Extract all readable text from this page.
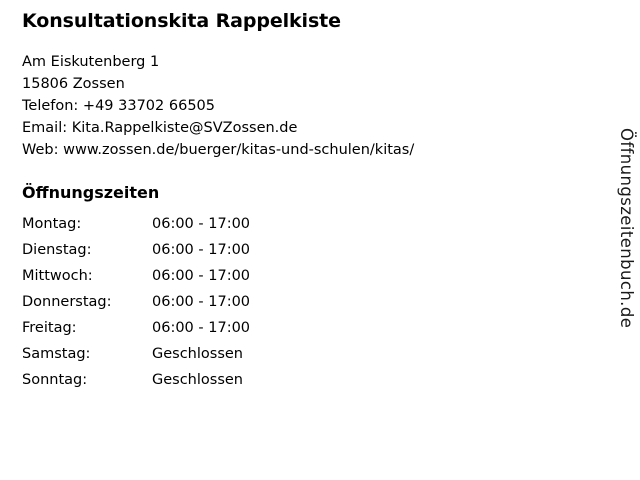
Konsultationskita Rappelkiste
Am Eiskutenberg 1
15806 Zossen
Telefon: +49 33702 66505
Email: Kita.Rappelkiste@SVZossen.de
Web: www.zossen.de/buerger/kitas-und-schulen/kitas/
Öffnungszeiten
Montag:	06:00 - 17:00
Dienstag:	06:00 - 17:00
Mittwoch:	06:00 - 17:00
Donnerstag:	06:00 - 17:00
Freitag:	06:00 - 17:00
Samstag:	Geschlossen
Sonntag:	Geschlossen
Öffnungszeitenbuch.de
